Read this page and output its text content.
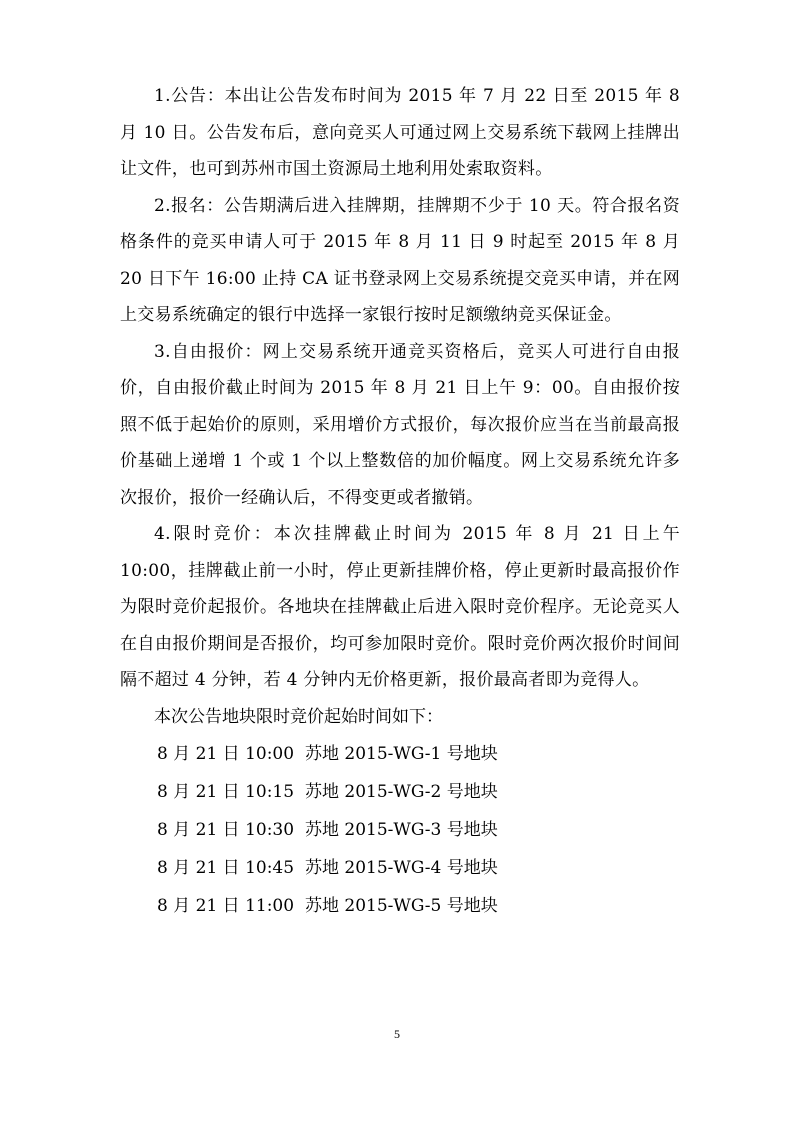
1.公告：本出让公告发布时间为 2015 年 7 月 22 日至 2015 年 8 月 10 日。公告发布后，意向竞买人可通过网上交易系统下载网上挂牌出让文件，也可到苏州市国土资源局土地利用处索取资料。

2.报名：公告期满后进入挂牌期，挂牌期不少于 10 天。符合报名资格条件的竞买申请人可于 2015 年 8 月 11 日 9 时起至 2015 年 8 月 20 日下午 16:00 止持 CA 证书登录网上交易系统提交竞买申请，并在网上交易系统确定的银行中选择一家银行按时足额缴纳竞买保证金。

3.自由报价：网上交易系统开通竞买资格后，竞买人可进行自由报价，自由报价截止时间为 2015 年 8 月 21 日上午 9：00。自由报价按照不低于起始价的原则，采用增价方式报价，每次报价应当在当前最高报价基础上递增 1 个或 1 个以上整数倍的加价幅度。网上交易系统允许多次报价，报价一经确认后，不得变更或者撤销。

4.限时竞价：本次挂牌截止时间为 2015 年 8 月 21 日上午 10:00，挂牌截止前一小时，停止更新挂牌价格，停止更新时最高报价作为限时竞价起报价。各地块在挂牌截止后进入限时竞价程序。无论竞买人在自由报价期间是否报价，均可参加限时竞价。限时竞价两次报价时间间隔不超过 4 分钟，若 4 分钟内无价格更新，报价最高者即为竞得人。

本次公告地块限时竞价起始时间如下：

8 月 21 日 10:00 苏地 2015-WG-1 号地块
8 月 21 日 10:15 苏地 2015-WG-2 号地块
8 月 21 日 10:30 苏地 2015-WG-3 号地块
8 月 21 日 10:45 苏地 2015-WG-4 号地块
8 月 21 日 11:00 苏地 2015-WG-5 号地块
5
